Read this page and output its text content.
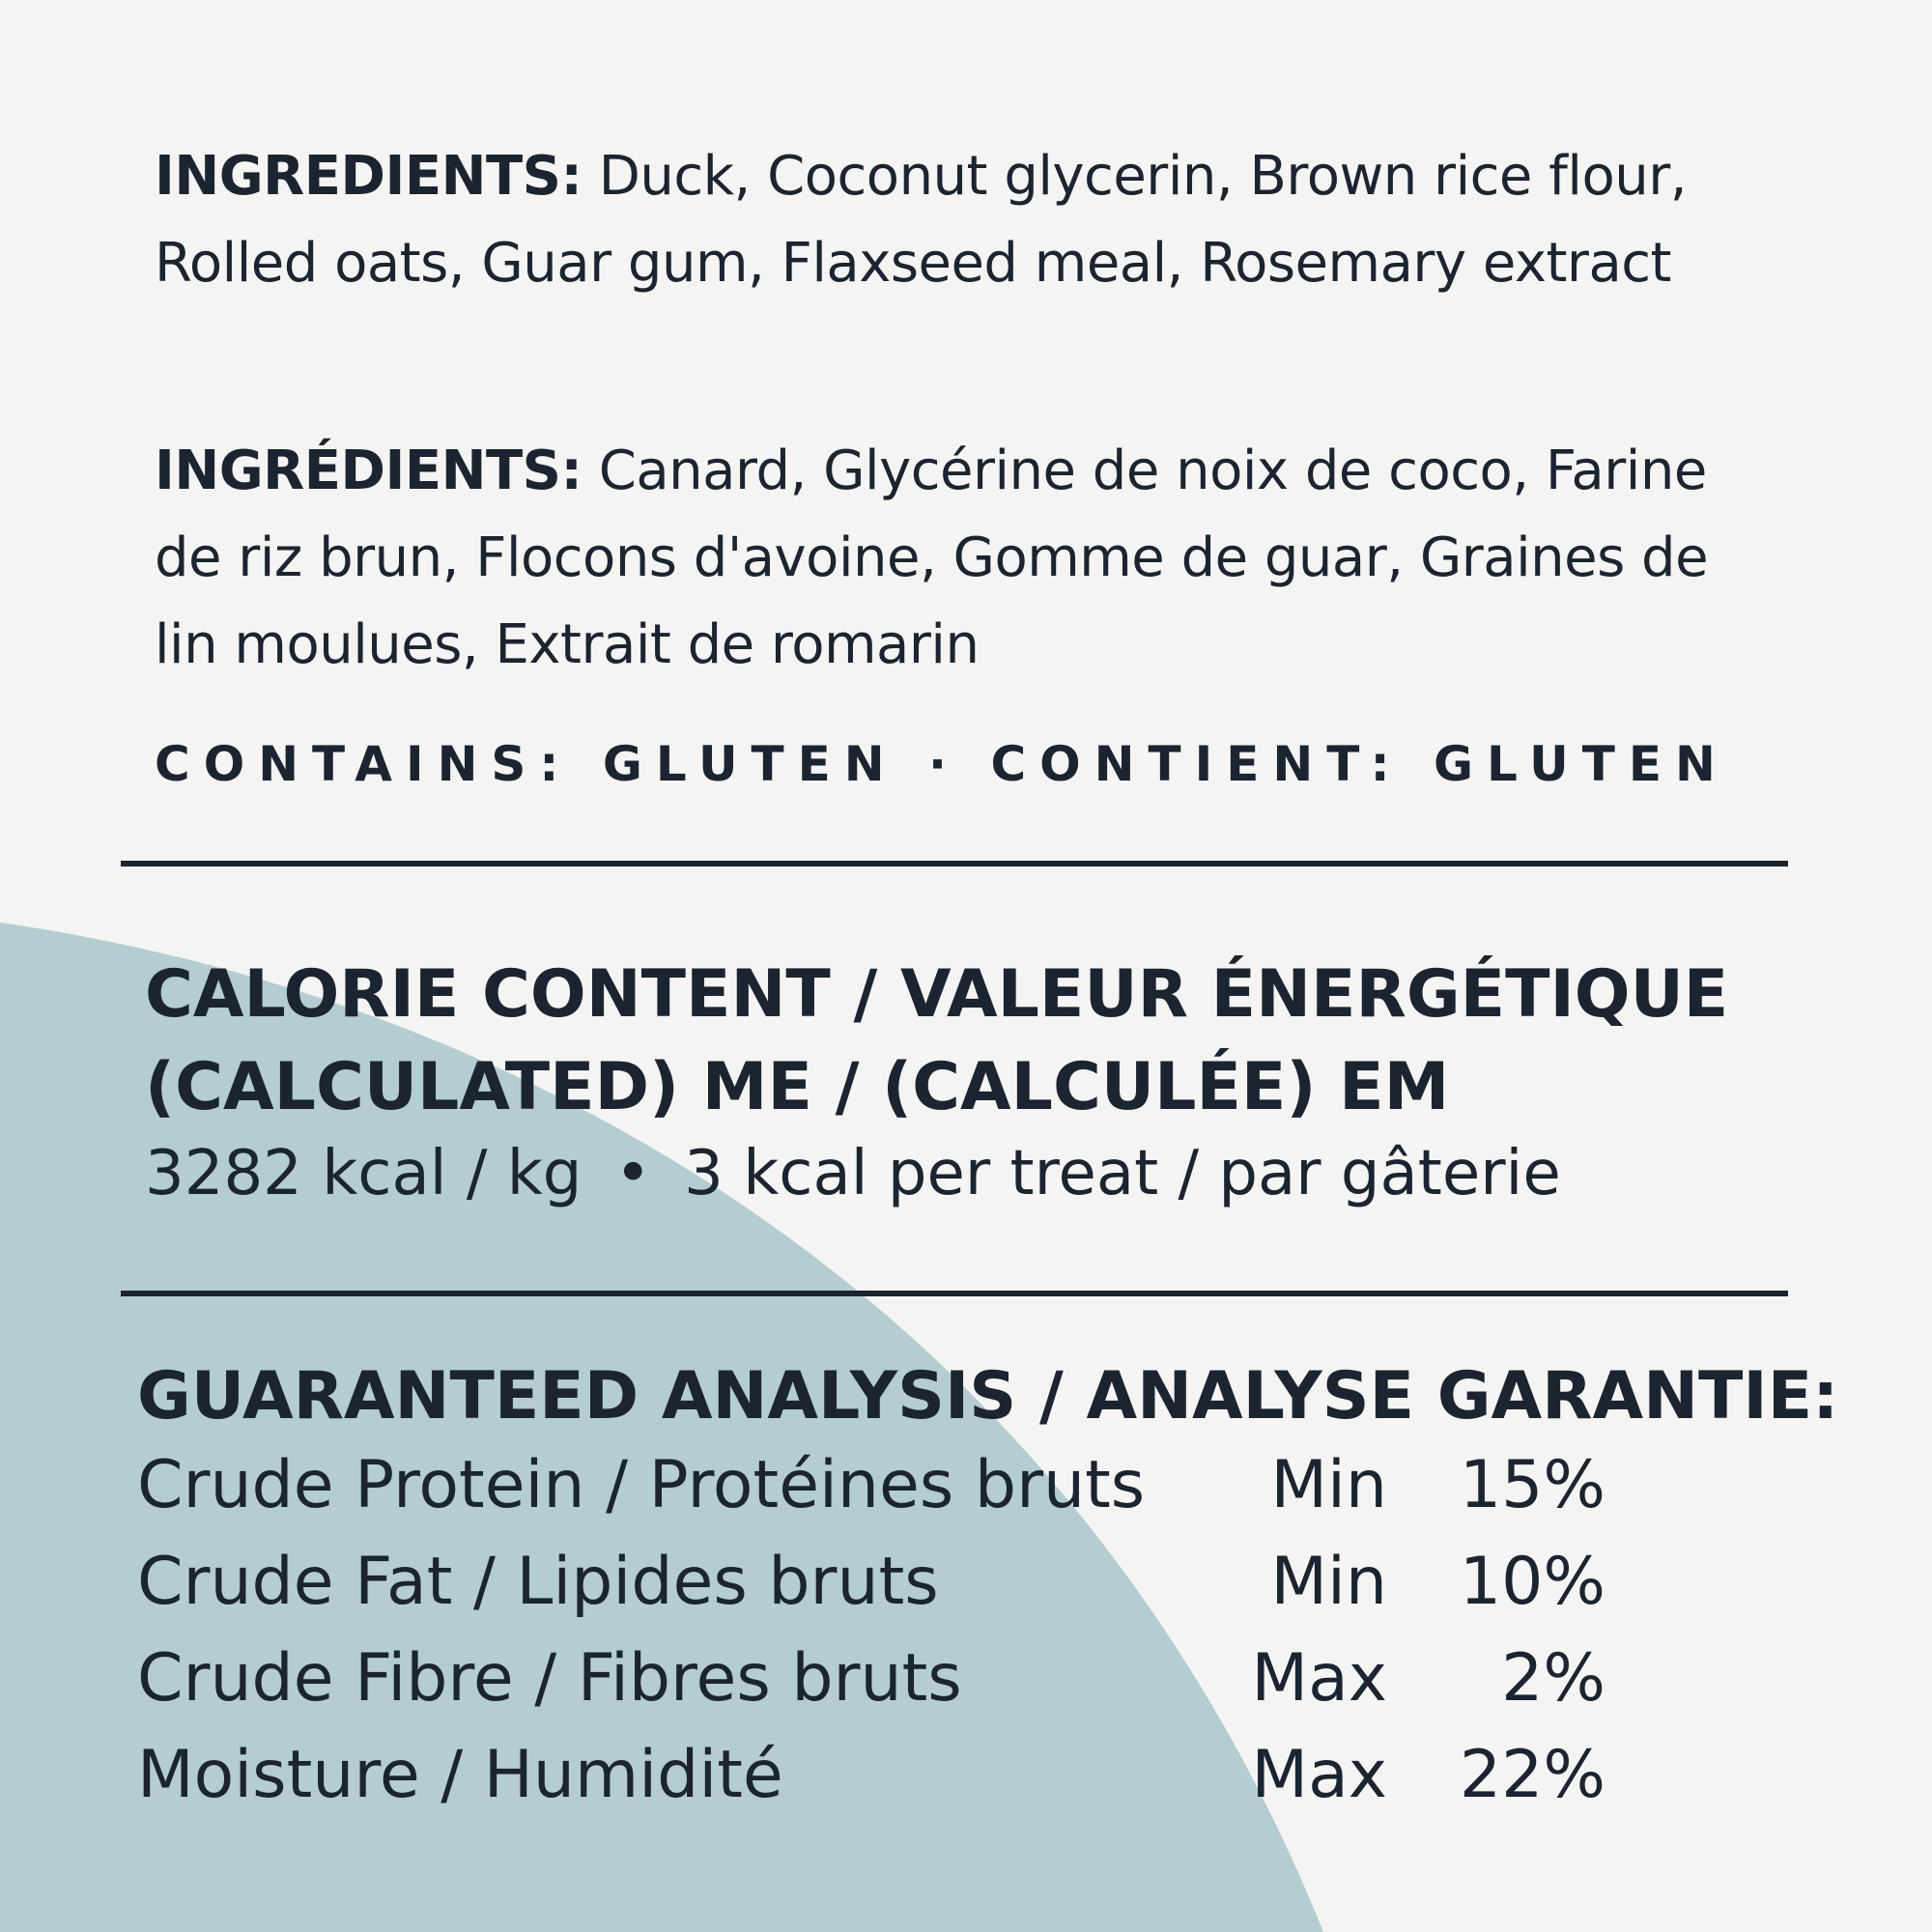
INGREDIENTS: Duck, Coconut glycerin, Brown rice flour, Rolled oats, Guar gum, Flaxseed meal, Rosemary extract
INGRÉDIENTS: Canard, Glycérine de noix de coco, Farine de riz brun, Flocons d'avoine, Gomme de guar, Graines de lin moulues, Extrait de romarin
CONTAINS: GLUTEN · CONTIENT: GLUTEN
CALORIE CONTENT / VALEUR ÉNERGÉTIQUE
(CALCULATED) ME / (CALCULÉE) EM
3282 kcal / kg • 3 kcal per treat / par gâterie
GUARANTEED ANALYSIS / ANALYSE GARANTIE:
Crude Protein / Protéines bruts Min 15%
Crude Fat / Lipides bruts	Min 10%
Crude Fibre / Fibres bruts	Max 2%
Moisture / Humidité	Max 22%
